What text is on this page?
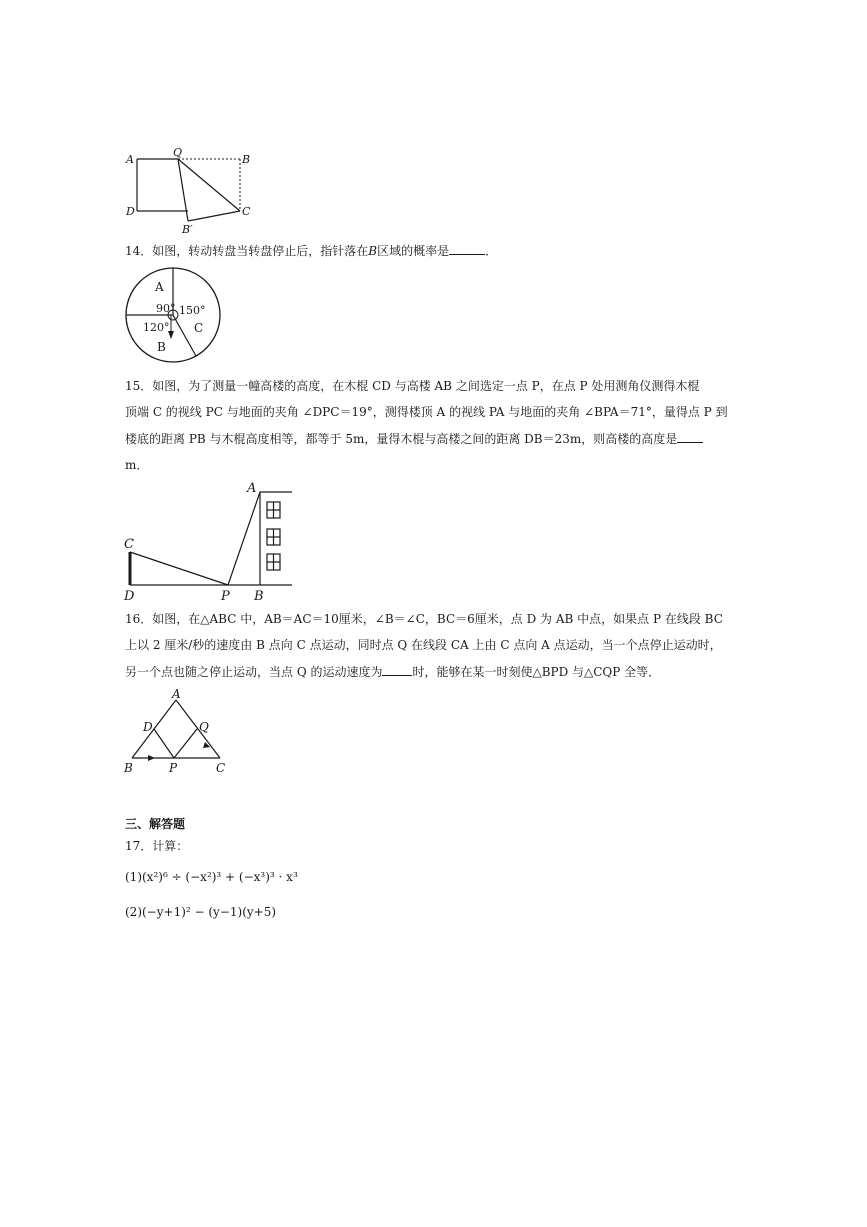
A
Q
B
D	C
B′
14．如图，转动转盘当转盘停止后，指针落在B区域的概率是	．
A
90° 150°
120° C
B
15．如图，为了测量一幢高楼的高度，在木棍 CD 与高楼 AB 之间选定一点 P，在点 P 处用测角仪测得木棍
顶端 C 的视线 PC 与地面的夹角 ∠DPC＝19°，测得楼顶 A 的视线 PA 与地面的夹角 ∠BPA＝71°，量得点 P 到
楼底的距离 PB 与木棍高度相等，都等于 5m，量得木棍与高楼之间的距离 DB＝23m，则高楼的高度是
m．
A
C
D	P B
16．如图，在△ABC 中，AB＝AC＝10厘米，∠B＝∠C，BC＝6厘米，点 D 为 AB 中点，如果点 P 在线段 BC
上以 2 厘米/秒的速度由 B 点向 C 点运动，同时点 Q 在线段 CA 上由 C 点向 A 点运动，当一个点停止运动时，
另一个点也随之停止运动，当点 Q 的运动速度为	时，能够在某一时刻使△BPD 与△CQP 全等．
A
D	Q
B	P	C
三、解答题
17．计算：
(1)(x²)⁶ ÷ (−x²)³ + (−x³)³ · x³
(2)(−y+1)² − (y−1)(y+5)
